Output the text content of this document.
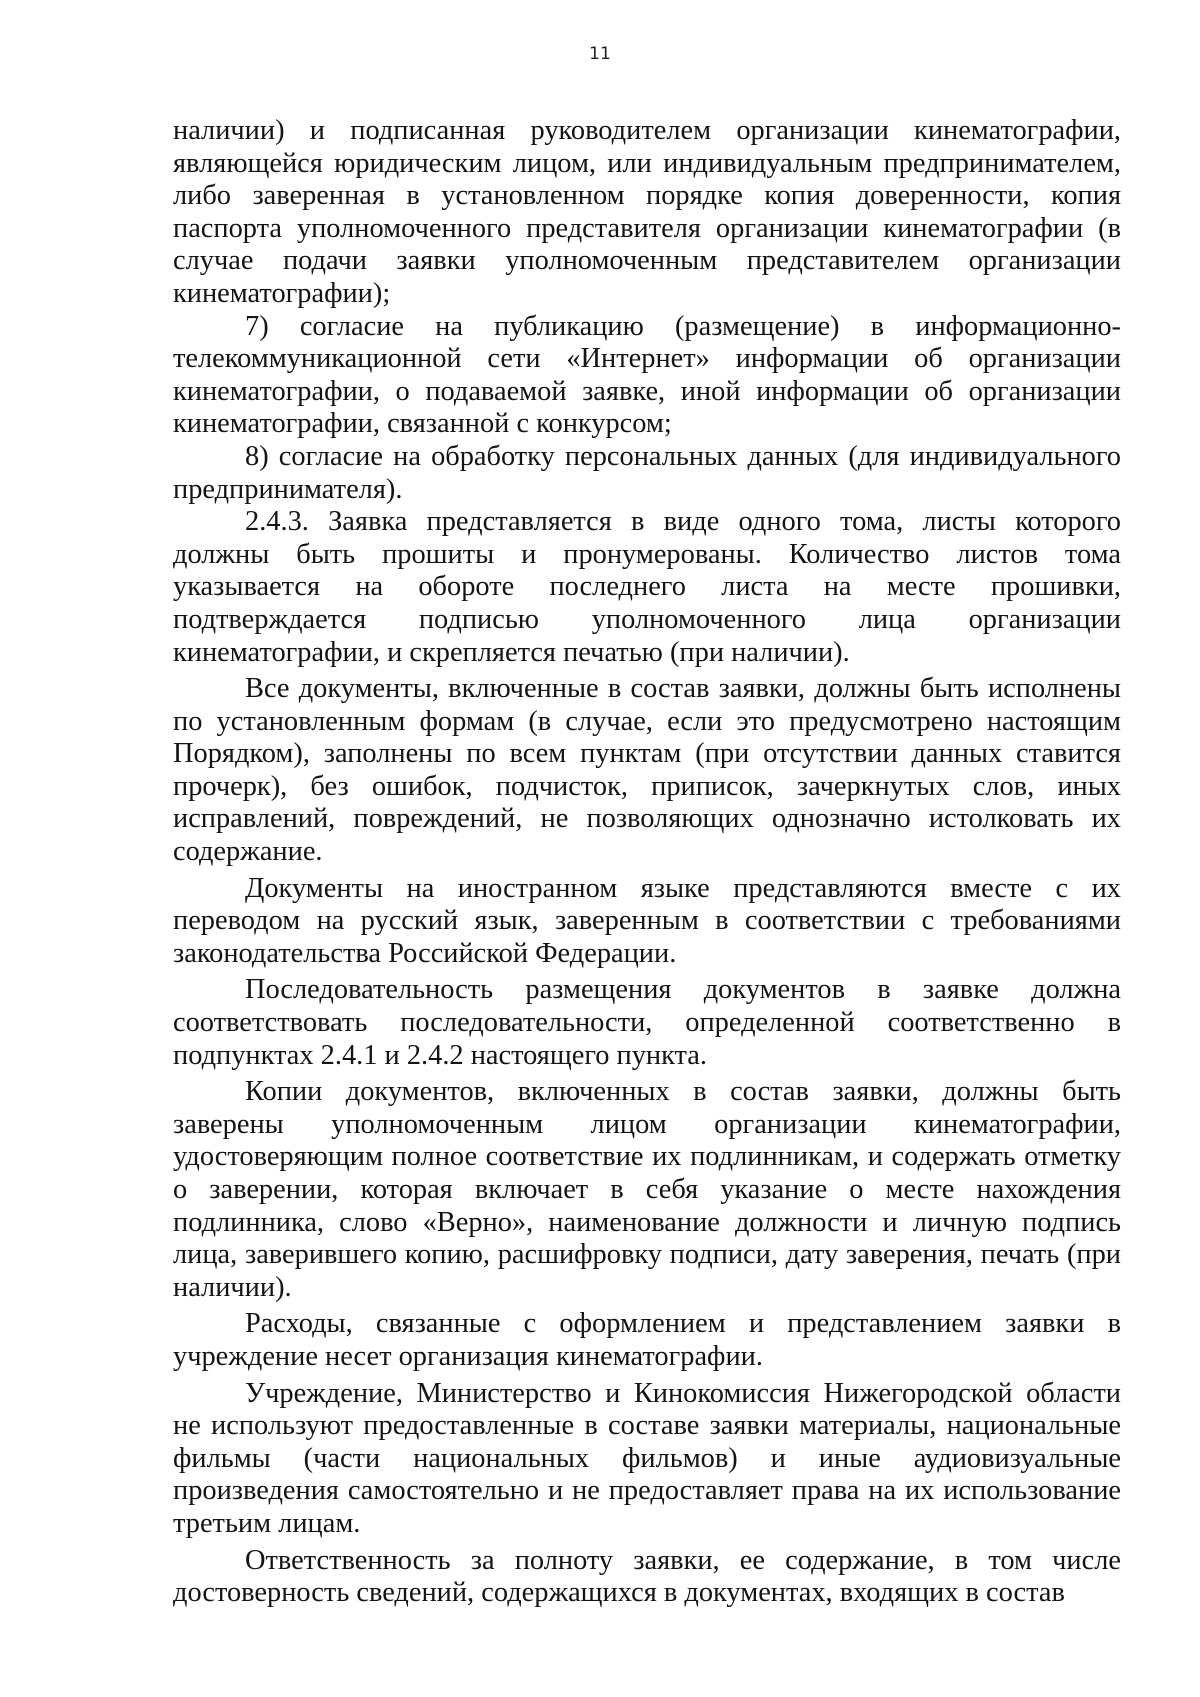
11

наличии) и подписанная руководителем организации кинематографии, являющейся юридическим лицом, или индивидуальным предпринимателем, либо заверенная в установленном порядке копия доверенности, копия паспорта уполномоченного представителя организации кинематографии (в случае подачи заявки уполномоченным представителем организации кинематографии);

7) согласие на публикацию (размещение) в информационно-телекоммуникационной сети «Интернет» информации об организации кинематографии, о подаваемой заявке, иной информации об организации кинематографии, связанной с конкурсом;

8) согласие на обработку персональных данных (для индивидуального предпринимателя).

2.4.3. Заявка представляется в виде одного тома, листы которого должны быть прошиты и пронумерованы. Количество листов тома указывается на обороте последнего листа на месте прошивки, подтверждается подписью уполномоченного лица организации кинематографии, и скрепляется печатью (при наличии).

Все документы, включенные в состав заявки, должны быть исполнены по установленным формам (в случае, если это предусмотрено настоящим Порядком), заполнены по всем пунктам (при отсутствии данных ставится прочерк), без ошибок, подчисток, приписок, зачеркнутых слов, иных исправлений, повреждений, не позволяющих однозначно истолковать их содержание.

Документы на иностранном языке представляются вместе с их переводом на русский язык, заверенным в соответствии с требованиями законодательства Российской Федерации.

Последовательность размещения документов в заявке должна соответствовать последовательности, определенной соответственно в подпунктах 2.4.1 и 2.4.2 настоящего пункта.

Копии документов, включенных в состав заявки, должны быть заверены уполномоченным лицом организации кинематографии, удостоверяющим полное соответствие их подлинникам, и содержать отметку о заверении, которая включает в себя указание о месте нахождения подлинника, слово «Верно», наименование должности и личную подпись лица, заверившего копию, расшифровку подписи, дату заверения, печать (при наличии).

Расходы, связанные с оформлением и представлением заявки в учреждение несет организация кинематографии.

Учреждение, Министерство и Кинокомиссия Нижегородской области не используют предоставленные в составе заявки материалы, национальные фильмы (части национальных фильмов) и иные аудиовизуальные произведения самостоятельно и не предоставляет права на их использование третьим лицам.

Ответственность за полноту заявки, ее содержание, в том числе достоверность сведений, содержащихся в документах, входящих в состав
